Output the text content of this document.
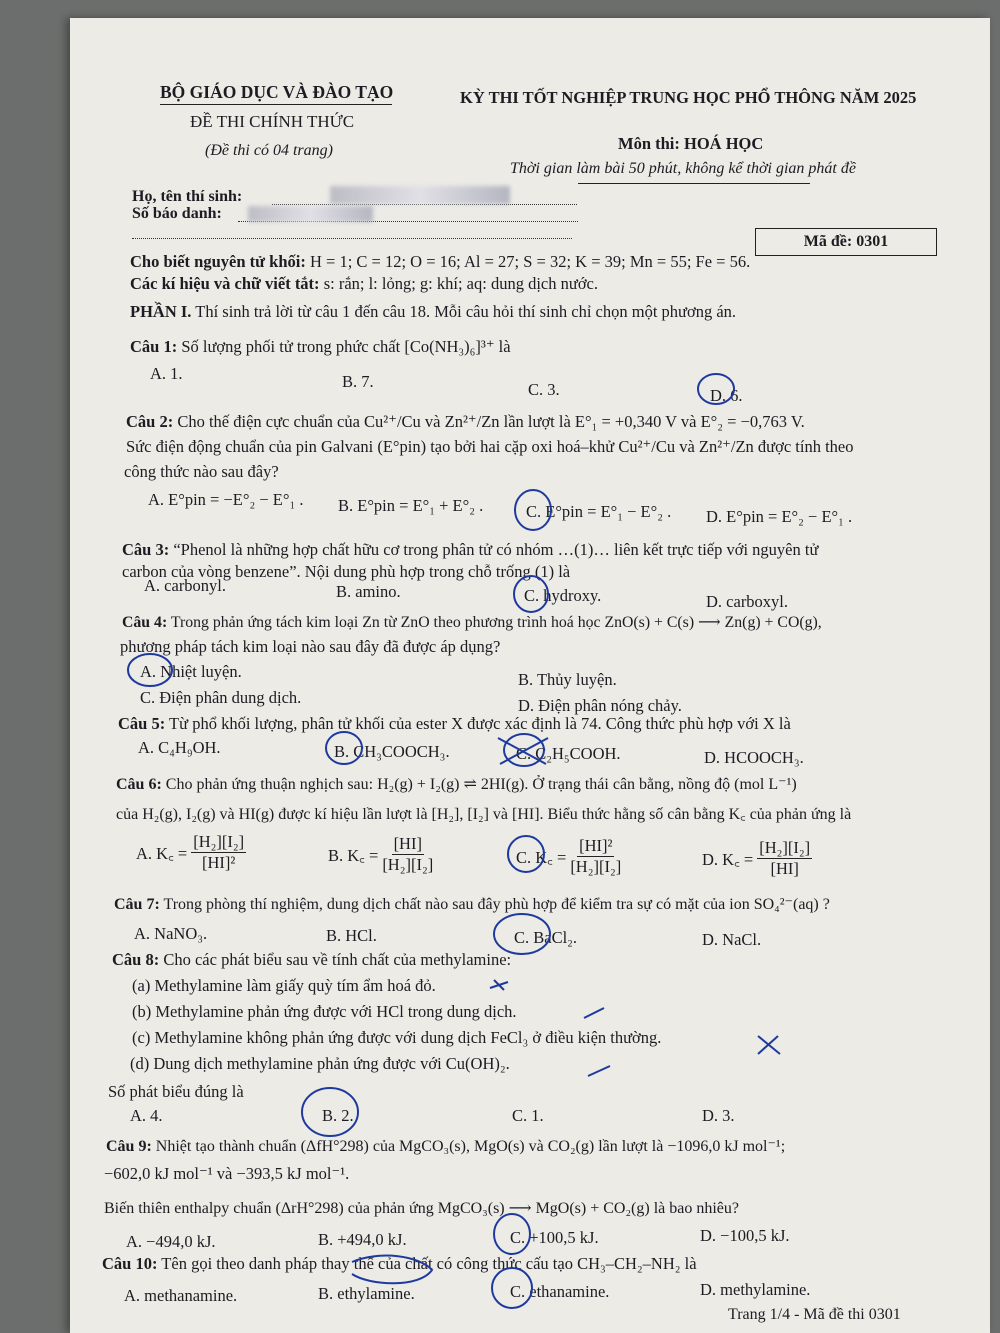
BỘ GIÁO DỤC VÀ ĐÀO TẠO
ĐỀ THI CHÍNH THỨC
(Đề thi có 04 trang)
KỲ THI TỐT NGHIỆP TRUNG HỌC PHỔ THÔNG NĂM 2025
Môn thi: HOÁ HỌC
Thời gian làm bài 50 phút, không kể thời gian phát đề
Họ, tên thí sinh:
Số báo danh:
Mã đề: 0301
Cho biết nguyên tử khối: H = 1; C = 12; O = 16; Al = 27; S = 32; K = 39; Mn = 55; Fe = 56.
Các kí hiệu và chữ viết tắt: s: rắn; l: lỏng; g: khí; aq: dung dịch nước.
PHẦN I. Thí sinh trả lời từ câu 1 đến câu 18. Mỗi câu hỏi thí sinh chỉ chọn một phương án.
Câu 1: Số lượng phối tử trong phức chất [Co(NH₃)₆]³⁺ là
A. 1.	B. 7.	C. 3.	D. 6.
Câu 2: Cho thế điện cực chuẩn của Cu²⁺/Cu và Zn²⁺/Zn lần lượt là E°₁ = +0,340 V và E°₂ = −0,763 V.
Sức điện động chuẩn của pin Galvani (E°pin) tạo bởi hai cặp oxi hoá–khử Cu²⁺/Cu và Zn²⁺/Zn được tính theo
công thức nào sau đây?
A. E°pin = −E°₂ − E°₁ . B. E°pin = E°₁ + E°₂ .	C. E°pin = E°₁ − E°₂ . D. E°pin = E°₂ − E°₁ .
Câu 3: “Phenol là những hợp chất hữu cơ trong phân tử có nhóm …(1)… liên kết trực tiếp với nguyên tử
carbon của vòng benzene”. Nội dung phù hợp trong chỗ trống (1) là
A. carbonyl.	B. amino.	C. hydroxy.	D. carboxyl.
Câu 4: Trong phản ứng tách kim loại Zn từ ZnO theo phương trình hoá học ZnO(s) + C(s) ⟶ Zn(g) + CO(g),
phương pháp tách kim loại nào sau đây đã được áp dụng?
A. Nhiệt luyện.	B. Thủy luyện.
C. Điện phân dung dịch.	D. Điện phân nóng chảy.
Câu 5: Từ phổ khối lượng, phân tử khối của ester X được xác định là 74. Công thức phù hợp với X là
A. C₄H₉OH.	B. CH₃COOCH₃.	C. C₂H₅COOH.	D. HCOOCH₃.
Câu 6: Cho phản ứng thuận nghịch sau: H₂(g) + I₂(g) ⇌ 2HI(g). Ở trạng thái cân bằng, nồng độ (mol L⁻¹)
của H₂(g), I₂(g) và HI(g) được kí hiệu lần lượt là [H₂], [I₂] và [HI]. Biểu thức hằng số cân bằng K꜀ của phản ứng là
A. K꜀ = $\frac{\text{[H₂][I₂]}}{\text{[HI]²}}$	B. K꜀ = $\frac{[HI]}{\text{[H₂][I₂]}}$	C. K꜀ = $\frac{\text{[HI]²}}{\text{[H₂][I₂]}}$	D. K꜀ = $\frac{\text{[H₂][I₂]}}{[HI]}$
Câu 7: Trong phòng thí nghiệm, dung dịch chất nào sau đây phù hợp để kiểm tra sự có mặt của ion SO₄²⁻(aq) ?
A. NaNO₃.	B. HCl.	C. BaCl₂.	D. NaCl.
Câu 8: Cho các phát biểu sau về tính chất của methylamine:
(a) Methylamine làm giấy quỳ tím ẩm hoá đỏ.
(b) Methylamine phản ứng được với HCl trong dung dịch.
(c) Methylamine không phản ứng được với dung dịch FeCl₃ ở điều kiện thường.
(d) Dung dịch methylamine phản ứng được với Cu(OH)₂.
Số phát biểu đúng là
A. 4.	B. 2.	C. 1.	D. 3.
Câu 9: Nhiệt tạo thành chuẩn (ΔfH°298) của MgCO₃(s), MgO(s) và CO₂(g) lần lượt là −1096,0 kJ mol⁻¹;
−602,0 kJ mol⁻¹ và −393,5 kJ mol⁻¹.
Biến thiên enthalpy chuẩn (ΔrH°298) của phản ứng MgCO₃(s) ⟶ MgO(s) + CO₂(g) là bao nhiêu?
A. −494,0 kJ.	B. +494,0 kJ.	C. +100,5 kJ.	D. −100,5 kJ.
Câu 10: Tên gọi theo danh pháp thay thế của chất có công thức cấu tạo CH₃–CH₂–NH₂ là
A. methanamine.	B. ethylamine.	C. ethanamine.	D. methylamine.
Trang 1/4 - Mã đề thi 0301
